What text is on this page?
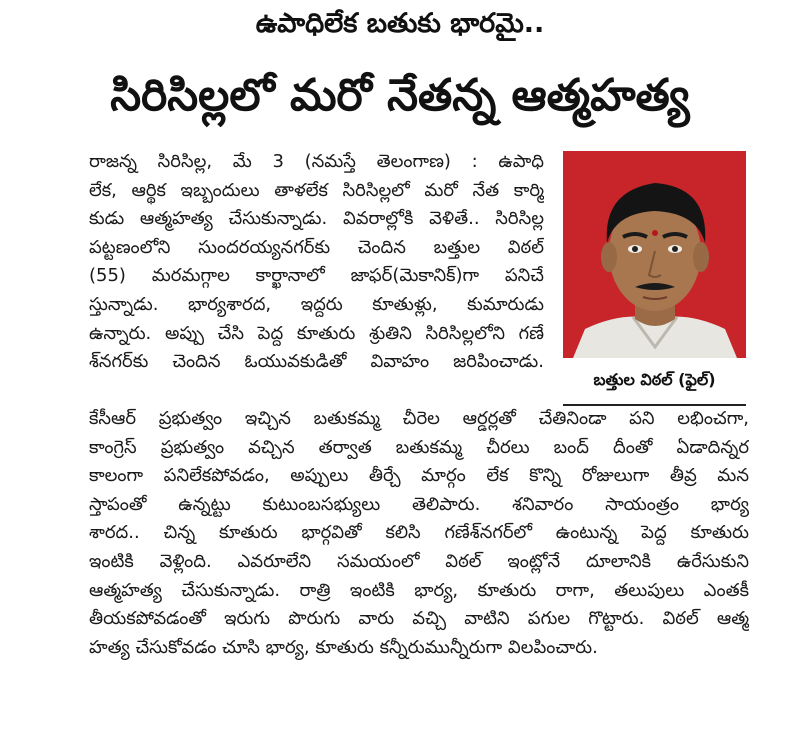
ఉపాధిలేక బతుకు భారమై..
సిరిసిల్లలో మరో నేతన్న ఆత్మహత్య
రాజన్న సిరిసిల్ల, మే 3 (నమస్తే తెలంగాణ) : ఉపాధి
లేక, ఆర్థిక ఇబ్బందులు తాళలేక సిరిసిల్లలో మరో నేత కార్మి
కుడు ఆత్మహత్య చేసుకున్నాడు. వివరాల్లోకి వెళితే.. సిరిసిల్ల
పట్టణంలోని సుందరయ్యనగర్‌కు చెందిన బత్తుల విఠల్
(55) మరమగ్గాల కార్ఖానాలో జాఫర్(మెకానిక్)గా పనిచే
స్తున్నాడు. భార్యశారద, ఇద్దరు కూతుళ్లు, కుమారుడు
ఉన్నారు. అప్పు చేసి పెద్ద కూతురు శ్రుతిని సిరిసిల్లలోని గణే
శ్‌నగర్‌కు చెందిన ఓయువకుడితో వివాహం జరిపించాడు.
కేసీఆర్ ప్రభుత్వం ఇచ్చిన బతుకమ్మ చీరెల ఆర్డర్లతో చేతినిండా పని లభించగా,
కాంగ్రెస్ ప్రభుత్వం వచ్చిన తర్వాత బతుకమ్మ చీరలు బంద్ దీంతో ఏడాదిన్నర
కాలంగా పనిలేకపోవడం, అప్పులు తీర్చే మార్గం లేక కొన్ని రోజులుగా తీవ్ర మన
స్తాపంతో ఉన్నట్టు కుటుంబసభ్యులు తెలిపారు. శనివారం సాయంత్రం భార్య
శారద.. చిన్న కూతురు భార్గవితో కలిసి గణేశ్‌నగర్‌లో ఉంటున్న పెద్ద కూతురు
ఇంటికి వెళ్లింది. ఎవరూలేని సమయంలో విఠల్ ఇంట్లోనే దూలానికి ఉరేసుకుని
ఆత్మహత్య చేసుకున్నాడు. రాత్రి ఇంటికి భార్య, కూతురు రాగా, తలుపులు ఎంతకీ
తీయకపోవడంతో ఇరుగు పొరుగు వారు వచ్చి వాటిని పగుల గొట్టారు. విఠల్ ఆత్మ
హత్య చేసుకోవడం చూసి భార్య, కూతురు కన్నీరుమున్నీరుగా విలపించారు.
బత్తుల విఠల్ (ఫైల్)
